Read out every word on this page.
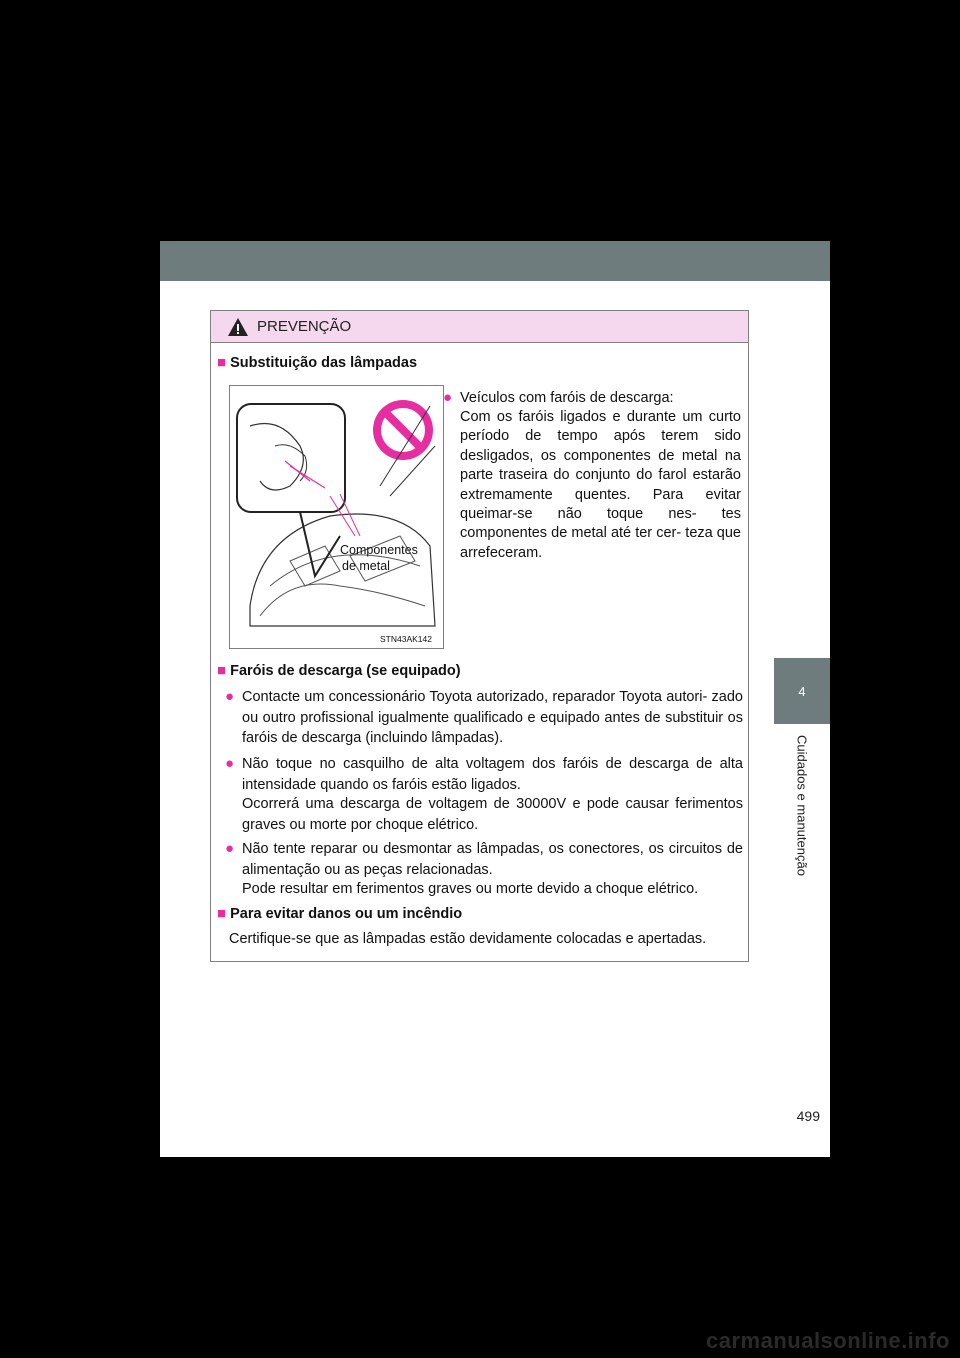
4
Cuidados e manutenção
PREVENÇÃO
■ Substituição das lâmpadas
Componentes
de metal
STN43AK142
● Veículos com faróis de descarga:
Com os faróis ligados e durante um curto período de tempo após terem sido desligados, os componentes de metal na parte traseira do conjunto do farol estarão extremamente quentes. Para evitar queimar-se não toque nes- tes componentes de metal até ter cer- teza que arrefeceram.
■ Faróis de descarga (se equipado)
● Contacte um concessionário Toyota autorizado, reparador Toyota autori- zado ou outro profissional igualmente qualificado e equipado antes de substituir os faróis de descarga (incluindo lâmpadas).
● Não toque no casquilho de alta voltagem dos faróis de descarga de alta intensidade quando os faróis estão ligados.
Ocorrerá uma descarga de voltagem de 30000V e pode causar ferimentos graves ou morte por choque elétrico.
● Não tente reparar ou desmontar as lâmpadas, os conectores, os circuitos de alimentação ou as peças relacionadas.
Pode resultar em ferimentos graves ou morte devido a choque elétrico.
■ Para evitar danos ou um incêndio
Certifique-se que as lâmpadas estão devidamente colocadas e apertadas.
499
carmanualsonline.info
